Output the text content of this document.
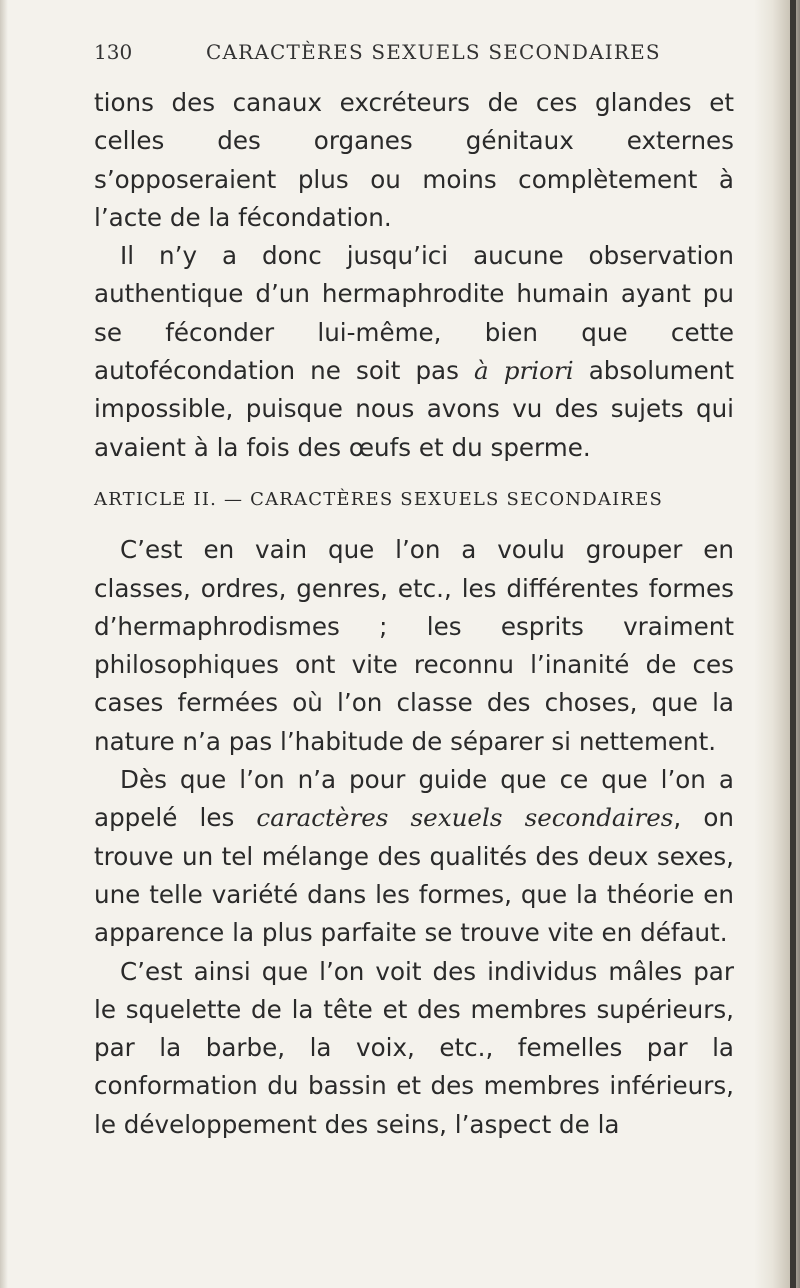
130	CARACTÈRES SEXUELS SECONDAIRES

tions des canaux excréteurs de ces glandes et celles des organes génitaux externes s’opposeraient plus ou moins complètement à l’acte de la fécondation.

Il n’y a donc jusqu’ici aucune observation authentique d’un hermaphrodite humain ayant pu se féconder lui-même, bien que cette autofécondation ne soit pas à priori absolument impossible, puisque nous avons vu des sujets qui avaient à la fois des œufs et du sperme.

ARTICLE II. — CARACTÈRES SEXUELS SECONDAIRES

C’est en vain que l’on a voulu grouper en classes, ordres, genres, etc., les différentes formes d’hermaphrodismes ; les esprits vraiment philosophiques ont vite reconnu l’inanité de ces cases fermées où l’on classe des choses, que la nature n’a pas l’habitude de séparer si nettement.

Dès que l’on n’a pour guide que ce que l’on a appelé les caractères sexuels secondaires, on trouve un tel mélange des qualités des deux sexes, une telle variété dans les formes, que la théorie en apparence la plus parfaite se trouve vite en défaut.

C’est ainsi que l’on voit des individus mâles par le squelette de la tête et des membres supérieurs, par la barbe, la voix, etc., femelles par la conformation du bassin et des membres inférieurs, le développement des seins, l’aspect de la
